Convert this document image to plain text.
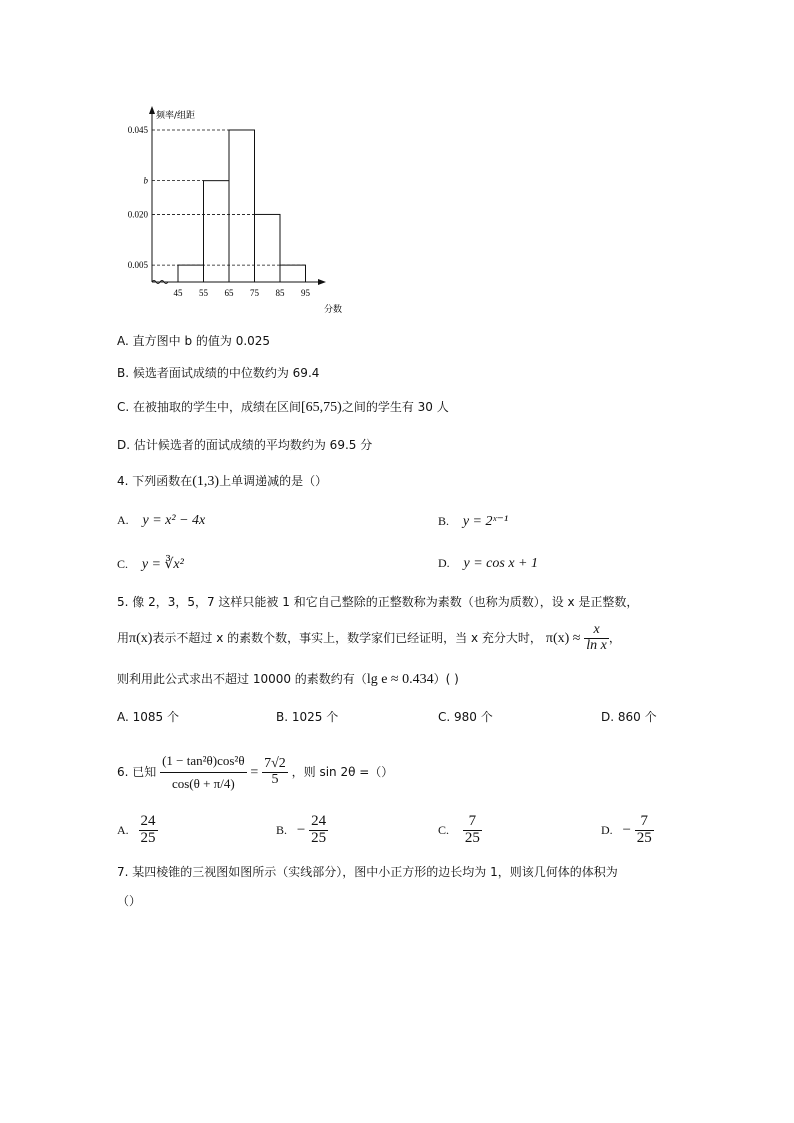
频率/组距
分数
0.045
b
0.020
0.005
45 55 65 75 85 95
A. 直方图中 b 的值为 0.025
B. 候选者面试成绩的中位数约为 69.4
C. 在被抽取的学生中，成绩在区间[65,75)之间的学生有 30 人
D. 估计候选者的面试成绩的平均数约为 69.5 分
4. 下列函数在(1,3)上单调递减的是（）
A. y = x² − 4x	B. y = 2ˣ⁻¹
C. y = ∛x²	D. y = cos x + 1
5. 像 2，3，5，7 这样只能被 1 和它自己整除的正整数称为素数（也称为质数），设 x 是正整数，
用π(x)表示不超过 x 的素数个数，事实上，数学家们已经证明，当 x 充分大时， $\pi(x) \approx \frac{x}{\text{ln x}}$ ，
则利用此公式求出不超过 10000 的素数约有（lg e ≈ 0.434）( )
A. 1085 个	B. 1025 个	C. 980 个	D. 860 个
6. 已知 $\frac{\text{(1 − tan²θ)cos²θ}}{\cos(\theta + \pi/4)} = \frac{7√2}{5}$ ，则 sin 2θ =（）
A. $\frac{24}{25}$	B. − $\frac{24}{25}$	C. $\frac{7}{25}$	D. − $\frac{7}{25}$
7. 某四棱锥的三视图如图所示（实线部分），图中小正方形的边长均为 1，则该几何体的体积为
（）
